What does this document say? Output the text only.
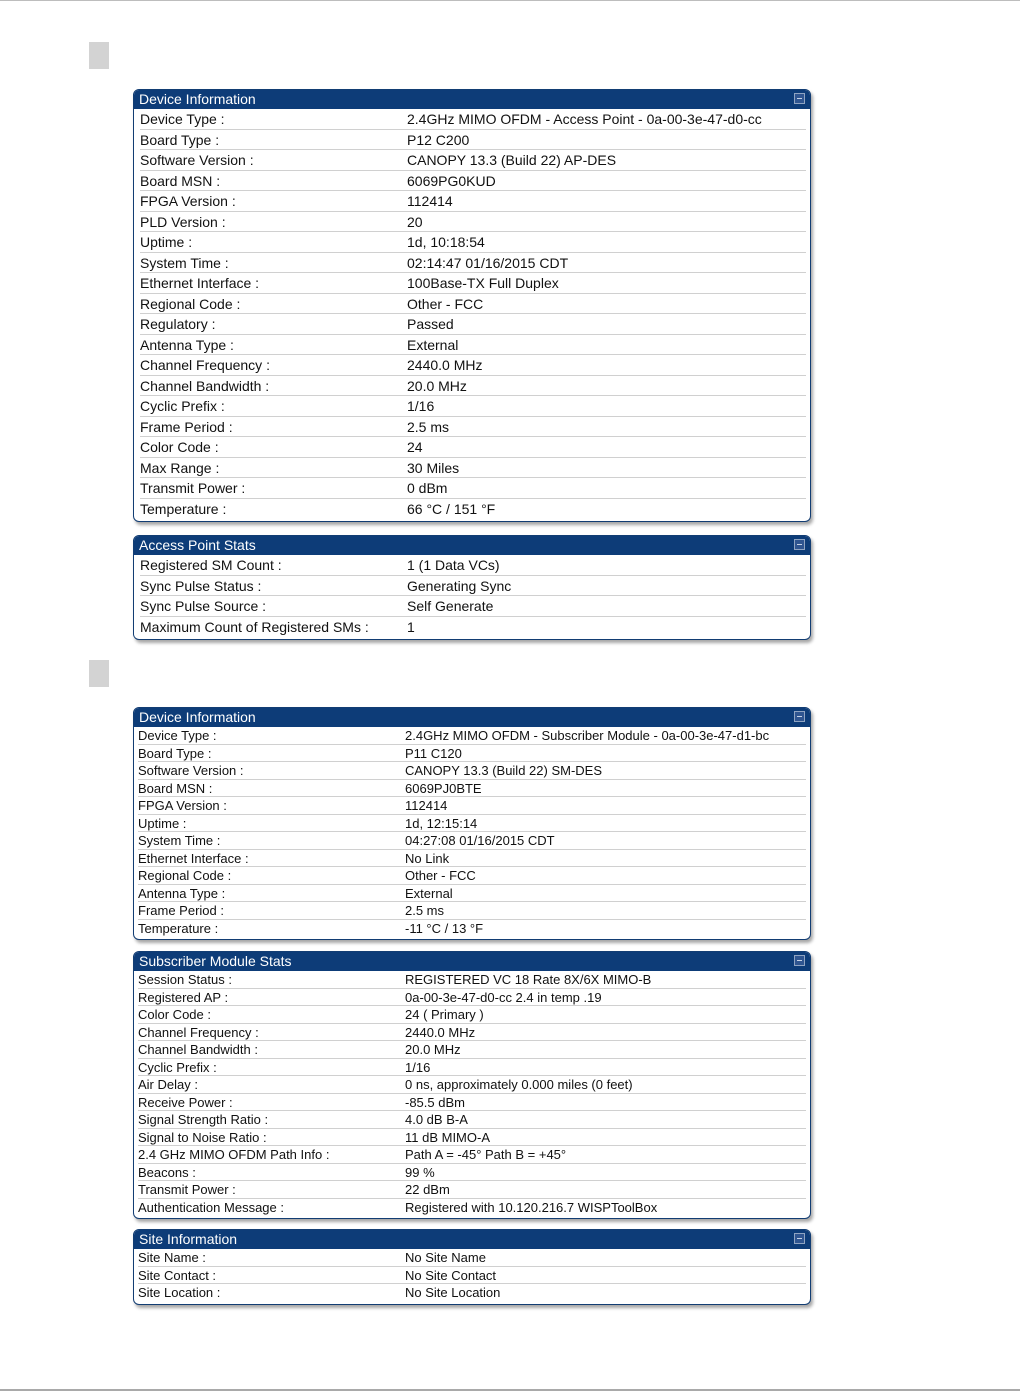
Device Information
Device Type :	2.4GHz MIMO OFDM - Access Point - 0a-00-3e-47-d0-cc
Board Type :	P12 C200
Software Version :	CANOPY 13.3 (Build 22) AP-DES
Board MSN :	6069PG0KUD
FPGA Version :	112414
PLD Version :	20
Uptime :	1d, 10:18:54
System Time :	02:14:47 01/16/2015 CDT
Ethernet Interface :	100Base-TX Full Duplex
Regional Code :	Other - FCC
Regulatory :	Passed
Antenna Type :	External
Channel Frequency :	2440.0 MHz
Channel Bandwidth :	20.0 MHz
Cyclic Prefix :	1/16
Frame Period :	2.5 ms
Color Code :	24
Max Range :	30 Miles
Transmit Power :	0 dBm
Temperature :	66 °C / 151 °F
Access Point Stats
Registered SM Count :	1 (1 Data VCs)
Sync Pulse Status :	Generating Sync
Sync Pulse Source :	Self Generate
Maximum Count of Registered SMs :	1
Device Information
Device Type :	2.4GHz MIMO OFDM - Subscriber Module - 0a-00-3e-47-d1-bc
Board Type :	P11 C120
Software Version :	CANOPY 13.3 (Build 22) SM-DES
Board MSN :	6069PJ0BTE
FPGA Version :	112414
Uptime :	1d, 12:15:14
System Time :	04:27:08 01/16/2015 CDT
Ethernet Interface :	No Link
Regional Code :	Other - FCC
Antenna Type :	External
Frame Period :	2.5 ms
Temperature :	-11 °C / 13 °F
Subscriber Module Stats
Session Status :	REGISTERED VC 18 Rate 8X/6X MIMO-B
Registered AP :	0a-00-3e-47-d0-cc 2.4 in temp .19
Color Code :	24 ( Primary )
Channel Frequency :	2440.0 MHz
Channel Bandwidth :	20.0 MHz
Cyclic Prefix :	1/16
Air Delay :	0 ns, approximately 0.000 miles (0 feet)
Receive Power :	-85.5 dBm
Signal Strength Ratio :	4.0 dB B-A
Signal to Noise Ratio :	11 dB MIMO-A
2.4 GHz MIMO OFDM Path Info :	Path A = -45° Path B = +45°
Beacons :	99 %
Transmit Power :	22 dBm
Authentication Message :	Registered with 10.120.216.7 WISPToolBox
Site Information
Site Name :	No Site Name
Site Contact :	No Site Contact
Site Location :	No Site Location
